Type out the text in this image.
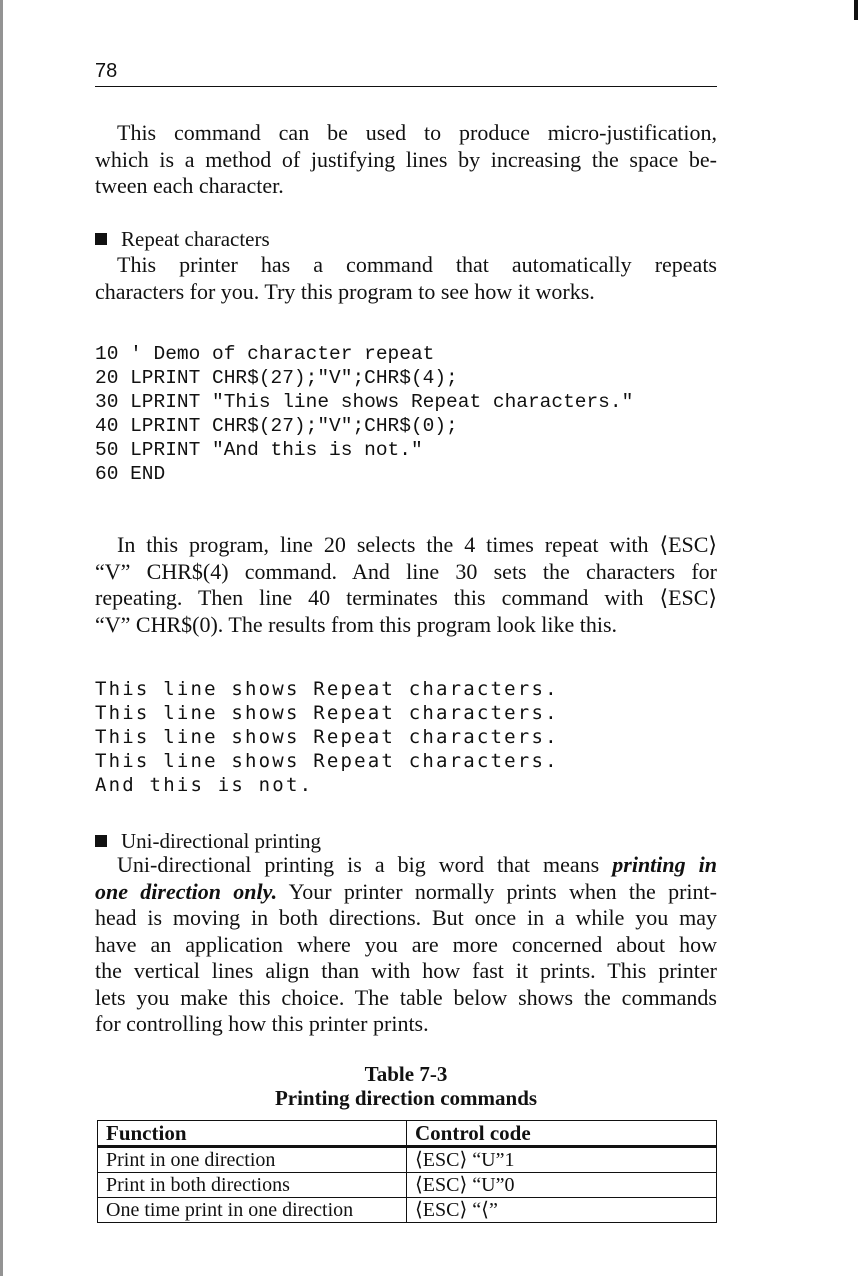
78

This command can be used to produce micro-justification,
which is a method of justifying lines by increasing the space be-
tween each character.

Repeat characters

This printer has a command that automatically repeats
characters for you. Try this program to see how it works.

10 ' Demo of character repeat
20 LPRINT CHR$(27);"V";CHR$(4);
30 LPRINT "This line shows Repeat characters."
40 LPRINT CHR$(27);"V";CHR$(0);
50 LPRINT "And this is not."
60 END

In this program, line 20 selects the 4 times repeat with ⟨ESC⟩
“V” CHR$(4) command. And line 30 sets the characters for
repeating. Then line 40 terminates this command with ⟨ESC⟩
“V” CHR$(0). The results from this program look like this.

This line shows Repeat characters.
This line shows Repeat characters.
This line shows Repeat characters.
This line shows Repeat characters.
And this is not.
Uni-directional printing

Uni-directional printing is a big word that means printing in
one direction only. Your printer normally prints when the print-
head is moving in both directions. But once in a while you may
have an application where you are more concerned about how
the vertical lines align than with how fast it prints. This printer
lets you make this choice. The table below shows the commands
for controlling how this printer prints.

Table 7-3
Printing direction commands
Function	Control code
Print in one direction	⟨ESC⟩ “U”1
Print in both directions	⟨ESC⟩ “U”0
One time print in one direction	⟨ESC⟩ “⟨”
